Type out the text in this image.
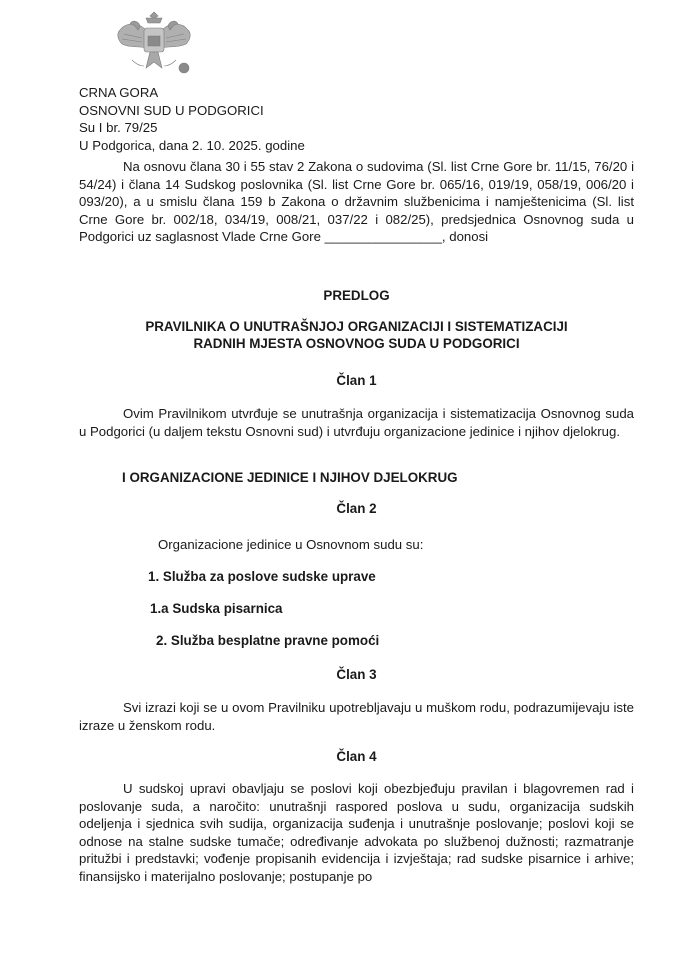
CRNA GORA
OSNOVNI SUD U PODGORICI
Su I br. 79/25
U Podgorica, dana 2. 10. 2025. godine

Na osnovu člana 30 i 55 stav 2 Zakona o sudovima (Sl. list Crne Gore br. 11/15, 76/20 i 54/24) i člana 14 Sudskog poslovnika (Sl. list Crne Gore br. 065/16, 019/19, 058/19, 006/20 i 093/20), a u smislu člana 159 b Zakona o državnim službenicima i namještenicima (Sl. list Crne Gore br. 002/18, 034/19, 008/21, 037/22 i 082/25), predsjednica Osnovnog suda u Podgorici uz saglasnost Vlade Crne Gore ________________, donosi

PREDLOG

PRAVILNIKA O UNUTRAŠNJOJ ORGANIZACIJI I SISTEMATIZACIJI

RADNIH MJESTA OSNOVNOG SUDA U PODGORICI

Član 1

Ovim Pravilnikom utvrđuje se unutrašnja organizacija i sistematizacija Osnovnog suda u Podgorici (u daljem tekstu Osnovni sud) i utvrđuju organizacione jedinice i njihov djelokrug.

I ORGANIZACIONE JEDINICE I NJIHOV DJELOKRUG

Član 2

Organizacione jedinice u Osnovnom sudu su:

1. Služba za poslove sudske uprave

1.a Sudska pisarnica

2. Služba besplatne pravne pomoći

Član 3

Svi izrazi koji se u ovom Pravilniku upotrebljavaju u muškom rodu, podrazumijevaju iste izraze u ženskom rodu.

Član 4

U sudskoj upravi obavljaju se poslovi koji obezbjeđuju pravilan i blagovremen rad i poslovanje suda, a naročito: unutrašnji raspored poslova u sudu, organizacija sudskih odeljenja i sjednica svih sudija, organizacija suđenja i unutrašnje poslovanje; poslovi koji se odnose na stalne sudske tumače; određivanje advokata po službenoj dužnosti; razmatranje pritužbi i predstavki; vođenje propisanih evidencija i izvještaja; rad sudske pisarnice i arhive; finansijsko i materijalno poslovanje; postupanje po
